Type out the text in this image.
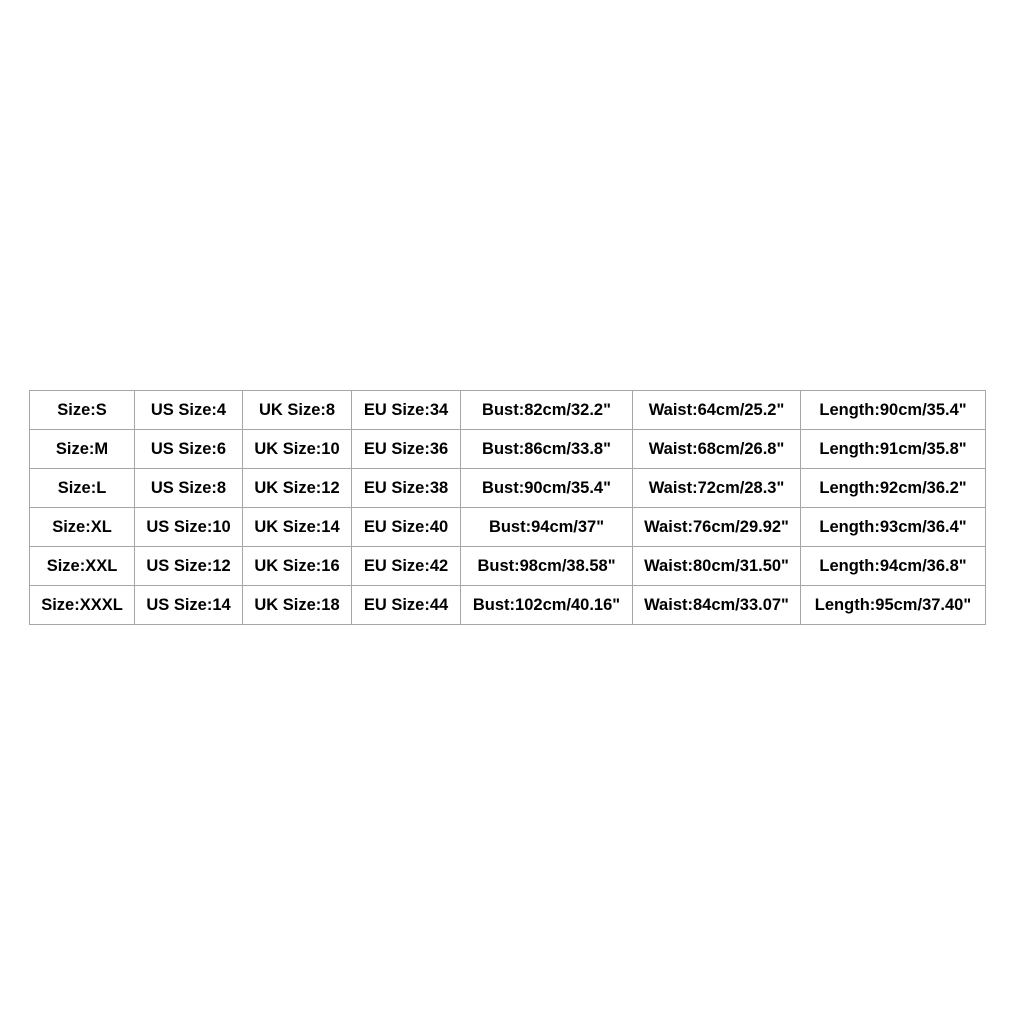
Size:S	US Size:4	UK Size:8	EU Size:34	Bust:82cm/32.2"	Waist:64cm/25.2"	Length:90cm/35.4"
Size:M	US Size:6	UK Size:10	EU Size:36	Bust:86cm/33.8"	Waist:68cm/26.8"	Length:91cm/35.8"
Size:L	US Size:8	UK Size:12	EU Size:38	Bust:90cm/35.4"	Waist:72cm/28.3"	Length:92cm/36.2"
Size:XL	US Size:10	UK Size:14	EU Size:40	Bust:94cm/37"	Waist:76cm/29.92"	Length:93cm/36.4"
Size:XXL	US Size:12	UK Size:16	EU Size:42	Bust:98cm/38.58"	Waist:80cm/31.50"	Length:94cm/36.8"
Size:XXXL	US Size:14	UK Size:18	EU Size:44	Bust:102cm/40.16"	Waist:84cm/33.07"	Length:95cm/37.40"
